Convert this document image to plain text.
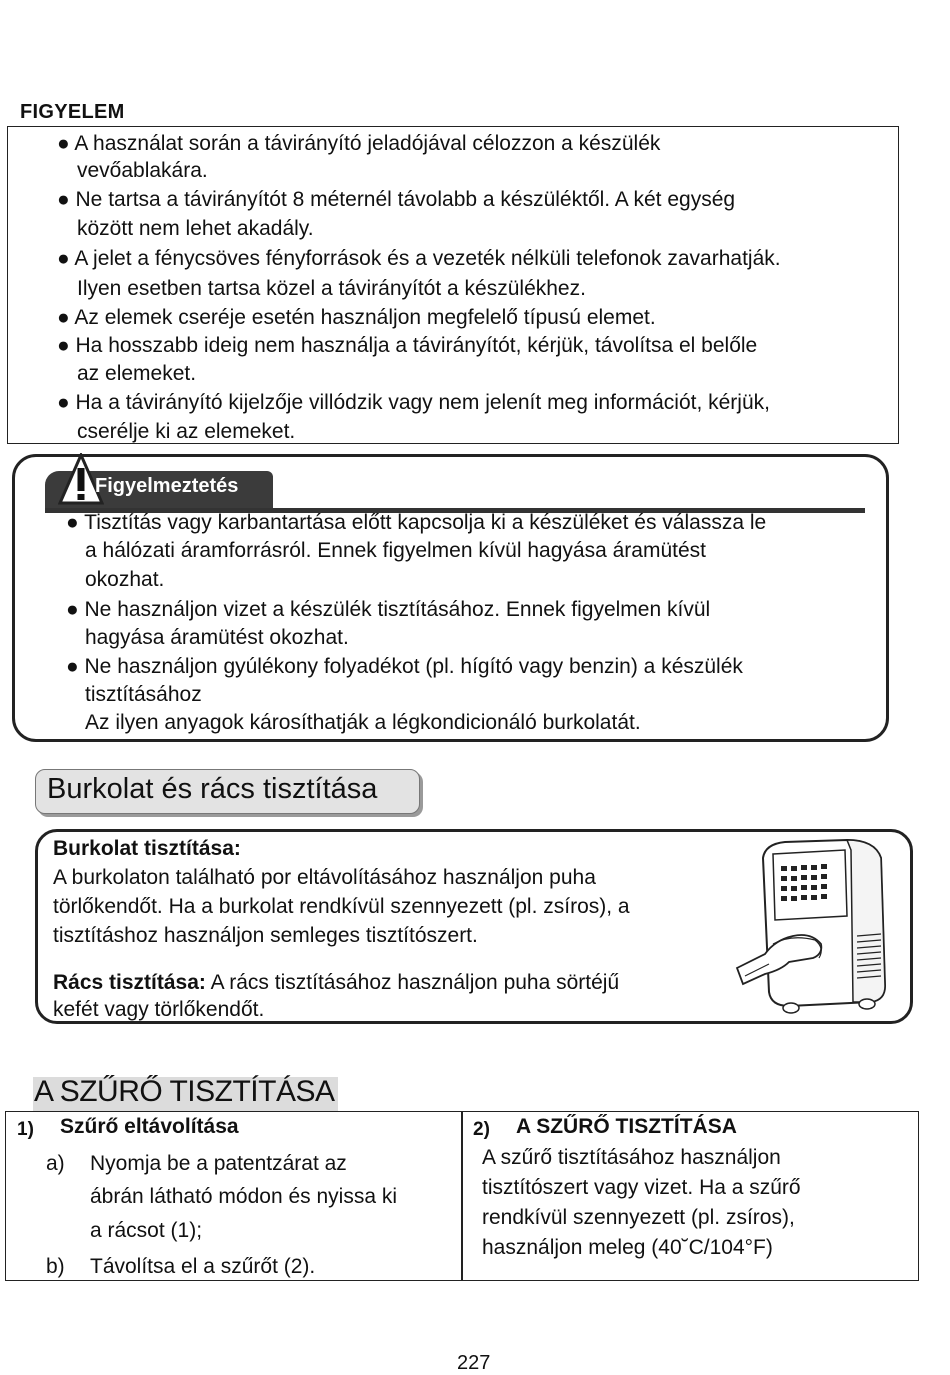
FIGYELEM
● A használat során a távirányító jeladójával célozzon a készülék
vevőablakára.
● Ne tartsa a távirányítót 8 méternél távolabb a készüléktől. A két egység
között nem lehet akadály.
● A jelet a fénycsöves fényforrások és a vezeték nélküli telefonok zavarhatják.
Ilyen esetben tartsa közel a távirányítót a készülékhez.
● Az elemek cseréje esetén használjon megfelelő típusú elemet.
● Ha hosszabb ideig nem használja a távirányítót, kérjük, távolítsa el belőle
az elemeket.
● Ha a távirányító kijelzője villódzik vagy nem jelenít meg információt, kérjük,
cserélje ki az elemeket.
Figyelmeztetés
● Tisztítás vagy karbantartása előtt kapcsolja ki a készüléket és válassza le
a hálózati áramforrásról. Ennek figyelmen kívül hagyása áramütést
okozhat.
● Ne használjon vizet a készülék tisztításához. Ennek figyelmen kívül
hagyása áramütést okozhat.
● Ne használjon gyúlékony folyadékot (pl. hígító vagy benzin) a készülék
tisztításához
Az ilyen anyagok károsíthatják a légkondicionáló burkolatát.
Burkolat és rács tisztítása
Burkolat tisztítása:
A burkolaton található por eltávolításához használjon puha
törlőkendőt. Ha a burkolat rendkívül szennyezett (pl. zsíros), a
tisztításhoz használjon semleges tisztítószert.
Rács tisztítása: A rács tisztításához használjon puha sörtéjű
kefét vagy törlőkendőt.
A SZŰRŐ TISZTÍTÁSA
1) Szűrő eltávolítása
a) Nyomja be a patentzárat az
ábrán látható módon és nyissa ki
a rácsot (1);
b) Távolítsa el a szűrőt (2).
2) A SZŰRŐ TISZTÍTÁSA
A szűrő tisztításához használjon
tisztítószert vagy vizet. Ha a szűrő
rendkívül szennyezett (pl. zsíros),
használjon meleg (40˘C/104°F)
227
